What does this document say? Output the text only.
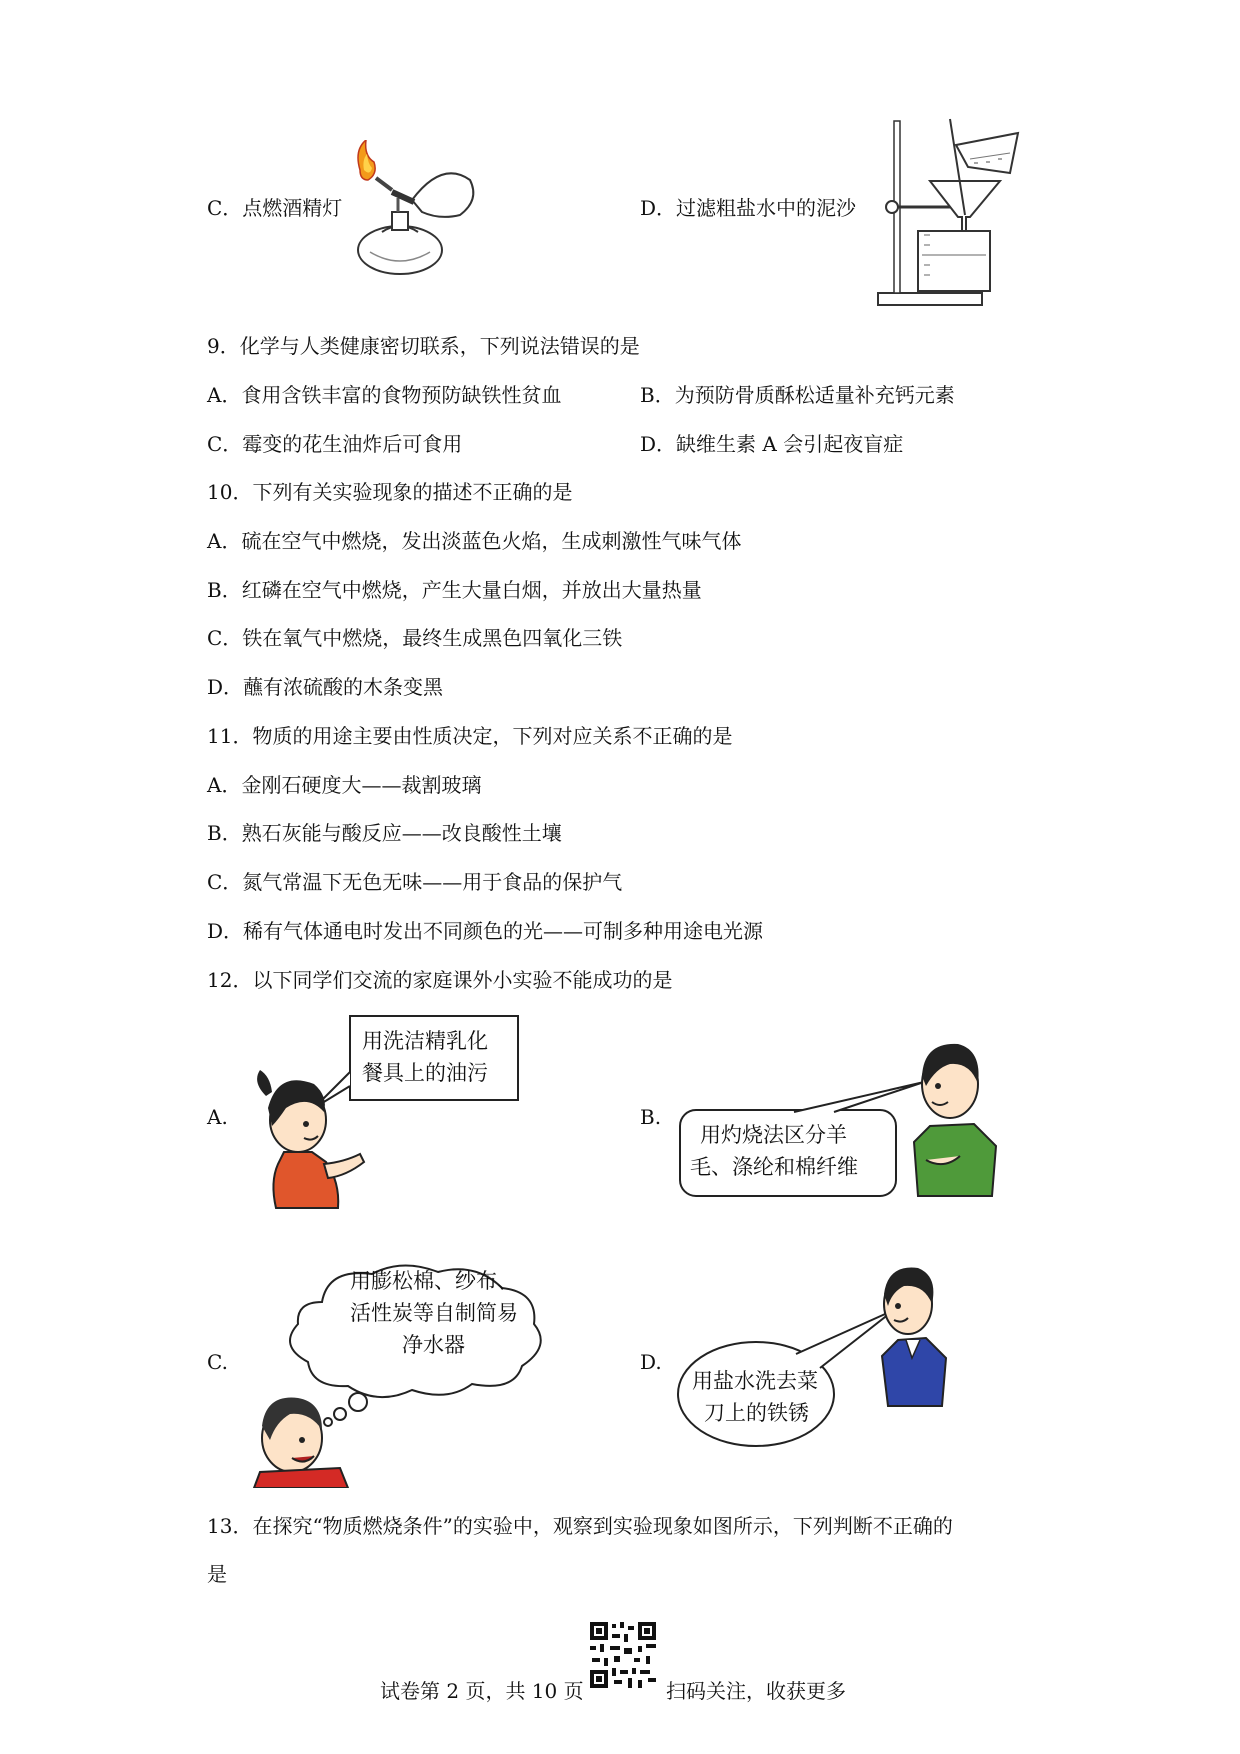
C．点燃酒精灯	D．过滤粗盐水中的泥沙
9．化学与人类健康密切联系，下列说法错误的是
A．食用含铁丰富的食物预防缺铁性贫血	B．为预防骨质酥松适量补充钙元素
C．霉变的花生油炸后可食用	D．缺维生素 A 会引起夜盲症
10．下列有关实验现象的描述不正确的是
A．硫在空气中燃烧，发出淡蓝色火焰，生成刺激性气味气体
B．红磷在空气中燃烧，产生大量白烟，并放出大量热量
C．铁在氧气中燃烧，最终生成黑色四氧化三铁
D．蘸有浓硫酸的木条变黑
11．物质的用途主要由性质决定，下列对应关系不正确的是
A．金刚石硬度大——裁割玻璃
B．熟石灰能与酸反应——改良酸性土壤
C．氮气常温下无色无味——用于食品的保护气
D．稀有气体通电时发出不同颜色的光——可制多种用途电光源
12．以下同学们交流的家庭课外小实验不能成功的是
A.
用洗洁精乳化
餐具上的油污
B.
用灼烧法区分羊
毛、涤纶和棉纤维
C.
用膨松棉、纱布、
活性炭等自制简易
净水器
D.
用盐水洗去菜
刀上的铁锈
13．在探究“物质燃烧条件”的实验中，观察到实验现象如图所示，下列判断不正确的
是
试卷第 2 页，共 10 页	扫码关注，收获更多
